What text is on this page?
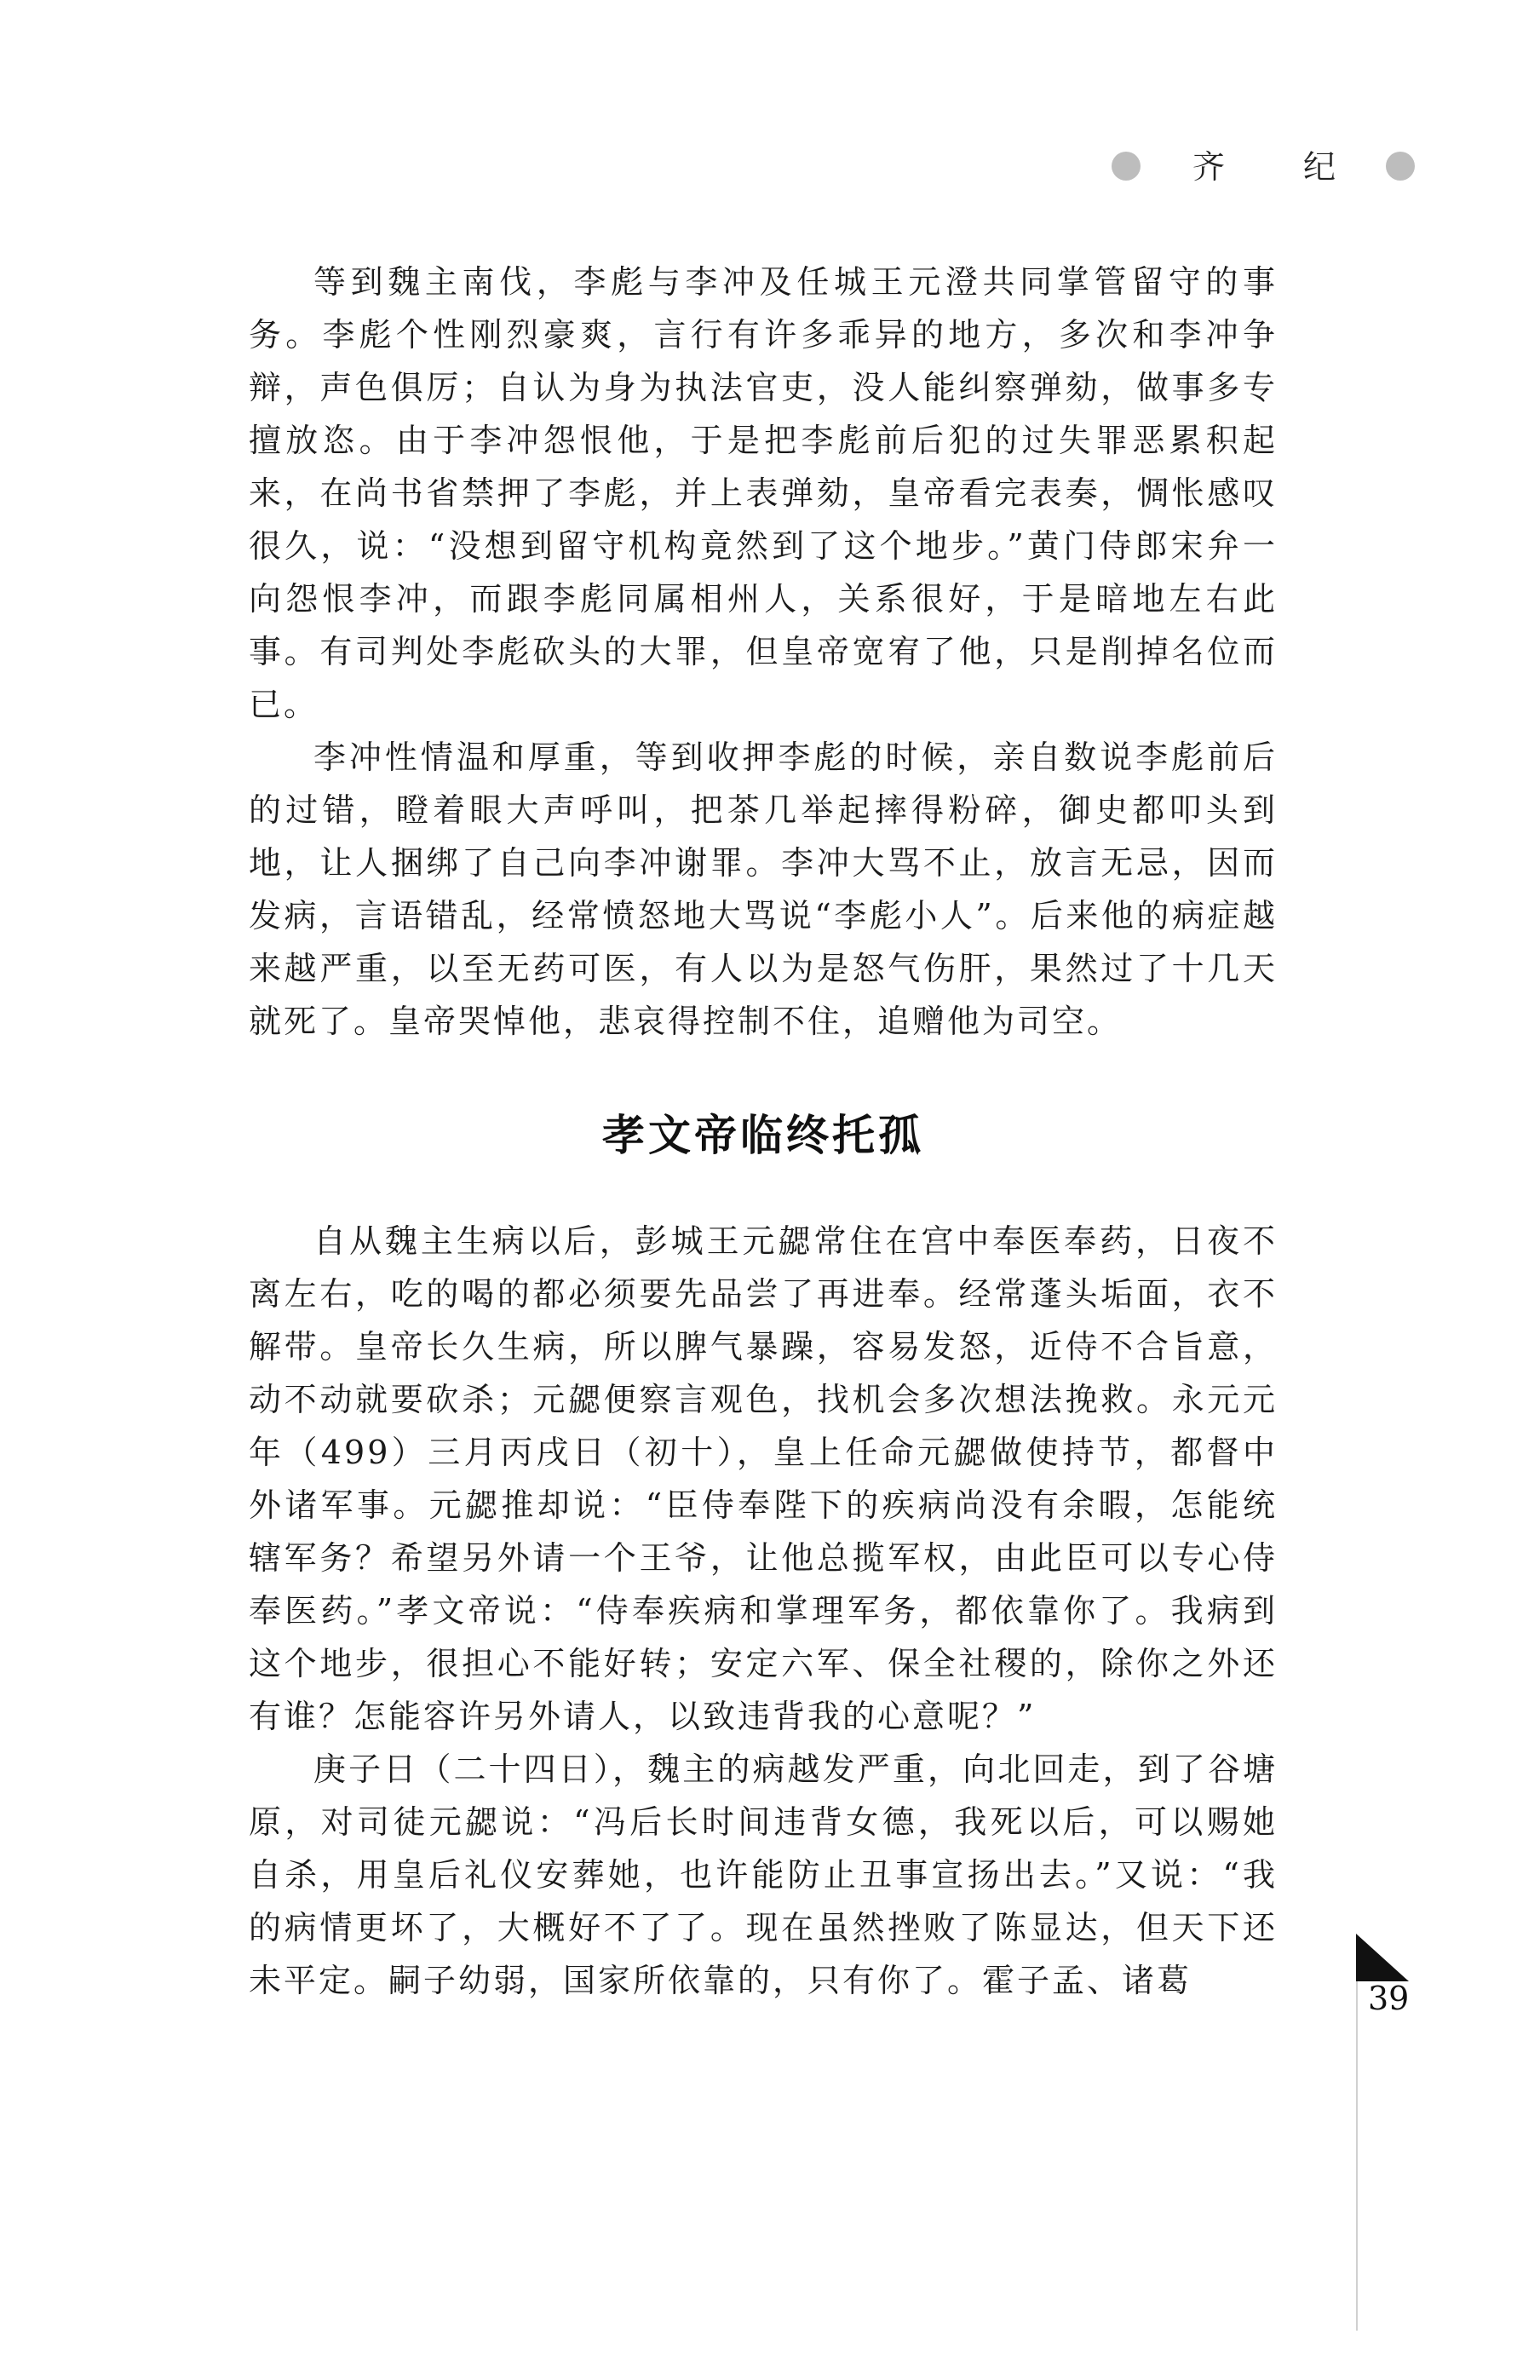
齐 纪

等到魏主南伐，李彪与李冲及任城王元澄共同掌管留守的事务。李彪个性刚烈豪爽，言行有许多乖异的地方，多次和李冲争辩，声色俱厉；自认为身为执法官吏，没人能纠察弹劾，做事多专擅放恣。由于李冲怨恨他，于是把李彪前后犯的过失罪恶累积起来，在尚书省禁押了李彪，并上表弹劾，皇帝看完表奏，惆怅感叹很久，说：“没想到留守机构竟然到了这个地步。”黄门侍郎宋弁一向怨恨李冲，而跟李彪同属相州人，关系很好，于是暗地左右此事。有司判处李彪砍头的大罪，但皇帝宽宥了他，只是削掉名位而已。

李冲性情温和厚重，等到收押李彪的时候，亲自数说李彪前后的过错，瞪着眼大声呼叫，把茶几举起摔得粉碎，御史都叩头到地，让人捆绑了自己向李冲谢罪。李冲大骂不止，放言无忌，因而发病，言语错乱，经常愤怒地大骂说“李彪小人”。后来他的病症越来越严重，以至无药可医，有人以为是怒气伤肝，果然过了十几天就死了。皇帝哭悼他，悲哀得控制不住，追赠他为司空。

孝文帝临终托孤

自从魏主生病以后，彭城王元勰常住在宫中奉医奉药，日夜不离左右，吃的喝的都必须要先品尝了再进奉。经常蓬头垢面，衣不解带。皇帝长久生病，所以脾气暴躁，容易发怒，近侍不合旨意，动不动就要砍杀；元勰便察言观色，找机会多次想法挽救。永元元年（499）三月丙戌日（初十），皇上任命元勰做使持节，都督中外诸军事。元勰推却说：“臣侍奉陛下的疾病尚没有余暇，怎能统辖军务？希望另外请一个王爷，让他总揽军权，由此臣可以专心侍奉医药。”孝文帝说：“侍奉疾病和掌理军务，都依靠你了。我病到这个地步，很担心不能好转；安定六军、保全社稷的，除你之外还有谁？怎能容许另外请人，以致违背我的心意呢？”

庚子日（二十四日），魏主的病越发严重，向北回走，到了谷塘原，对司徒元勰说：“冯后长时间违背女德，我死以后，可以赐她自杀，用皇后礼仪安葬她，也许能防止丑事宣扬出去。”又说：“我的病情更坏了，大概好不了了。现在虽然挫败了陈显达，但天下还未平定。嗣子幼弱，国家所依靠的，只有你了。霍子孟、诸葛	39
